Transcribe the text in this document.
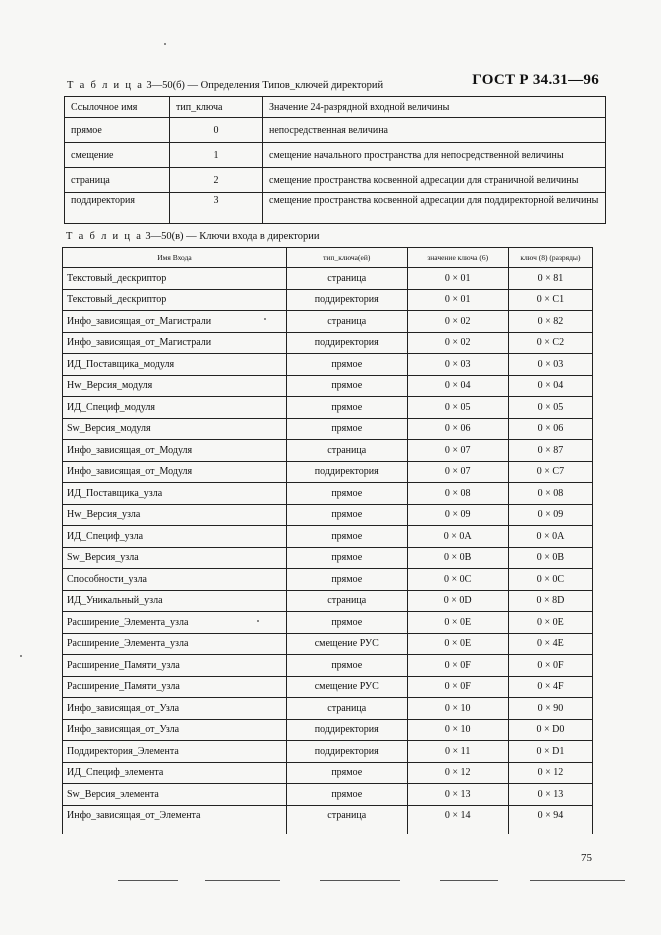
ГОСТ Р 34.31—96
Т а б л и ц а 3—50(б) — Определения Типов_ключей директорий
Ссылочное имя	тип_ключа	Значение 24-разрядной входной величины
прямое	0	непосредственная величина
смещение	1	смещение начального пространства для непосредственной величины
страница	2	смещение пространства косвенной адресации для страничной величины
поддиректория	3	смещение пространства косвенной адресации для поддиректорной величины
Т а б л и ц а 3—50(в) — Ключи входа в директории
Имя Входа	тип_ключа(ей)	значение ключа (6)	ключ (8) (разряды)
Текстовый_дескриптор	страница	0 × 01	0 × 81
Текстовый_дескриптор	поддиректория	0 × 01	0 × C1
Инфо_зависящая_от_Магистрали	страница	0 × 02	0 × 82
Инфо_зависящая_от_Магистрали	поддиректория	0 × 02	0 × C2
ИД_Поставщика_модуля	прямое	0 × 03	0 × 03
Hw_Версия_модуля	прямое	0 × 04	0 × 04
ИД_Специф_модуля	прямое	0 × 05	0 × 05
Sw_Версия_модуля	прямое	0 × 06	0 × 06
Инфо_зависящая_от_Модуля	страница	0 × 07	0 × 87
Инфо_зависящая_от_Модуля	поддиректория	0 × 07	0 × C7
ИД_Поставщика_узла	прямое	0 × 08	0 × 08
Hw_Версия_узла	прямое	0 × 09	0 × 09
ИД_Специф_узла	прямое	0 × 0A	0 × 0A
Sw_Версия_узла	прямое	0 × 0B	0 × 0B
Способности_узла	прямое	0 × 0C	0 × 0C
ИД_Уникальный_узла	страница	0 × 0D	0 × 8D
Расширение_Элемента_узла	прямое	0 × 0E	0 × 0E
Расширение_Элемента_узла	смещение РУС	0 × 0E	0 × 4E
Расширение_Памяти_узла	прямое	0 × 0F	0 × 0F
Расширение_Памяти_узла	смещение РУС	0 × 0F	0 × 4F
Инфо_зависящая_от_Узла	страница	0 × 10	0 × 90
Инфо_зависящая_от_Узла	поддиректория	0 × 10	0 × D0
Поддиректория_Элемента	поддиректория	0 × 11	0 × D1
ИД_Специф_элемента	прямое	0 × 12	0 × 12
Sw_Версия_элемента	прямое	0 × 13	0 × 13
Инфо_зависящая_от_Элемента	страница	0 × 14	0 × 94
75
